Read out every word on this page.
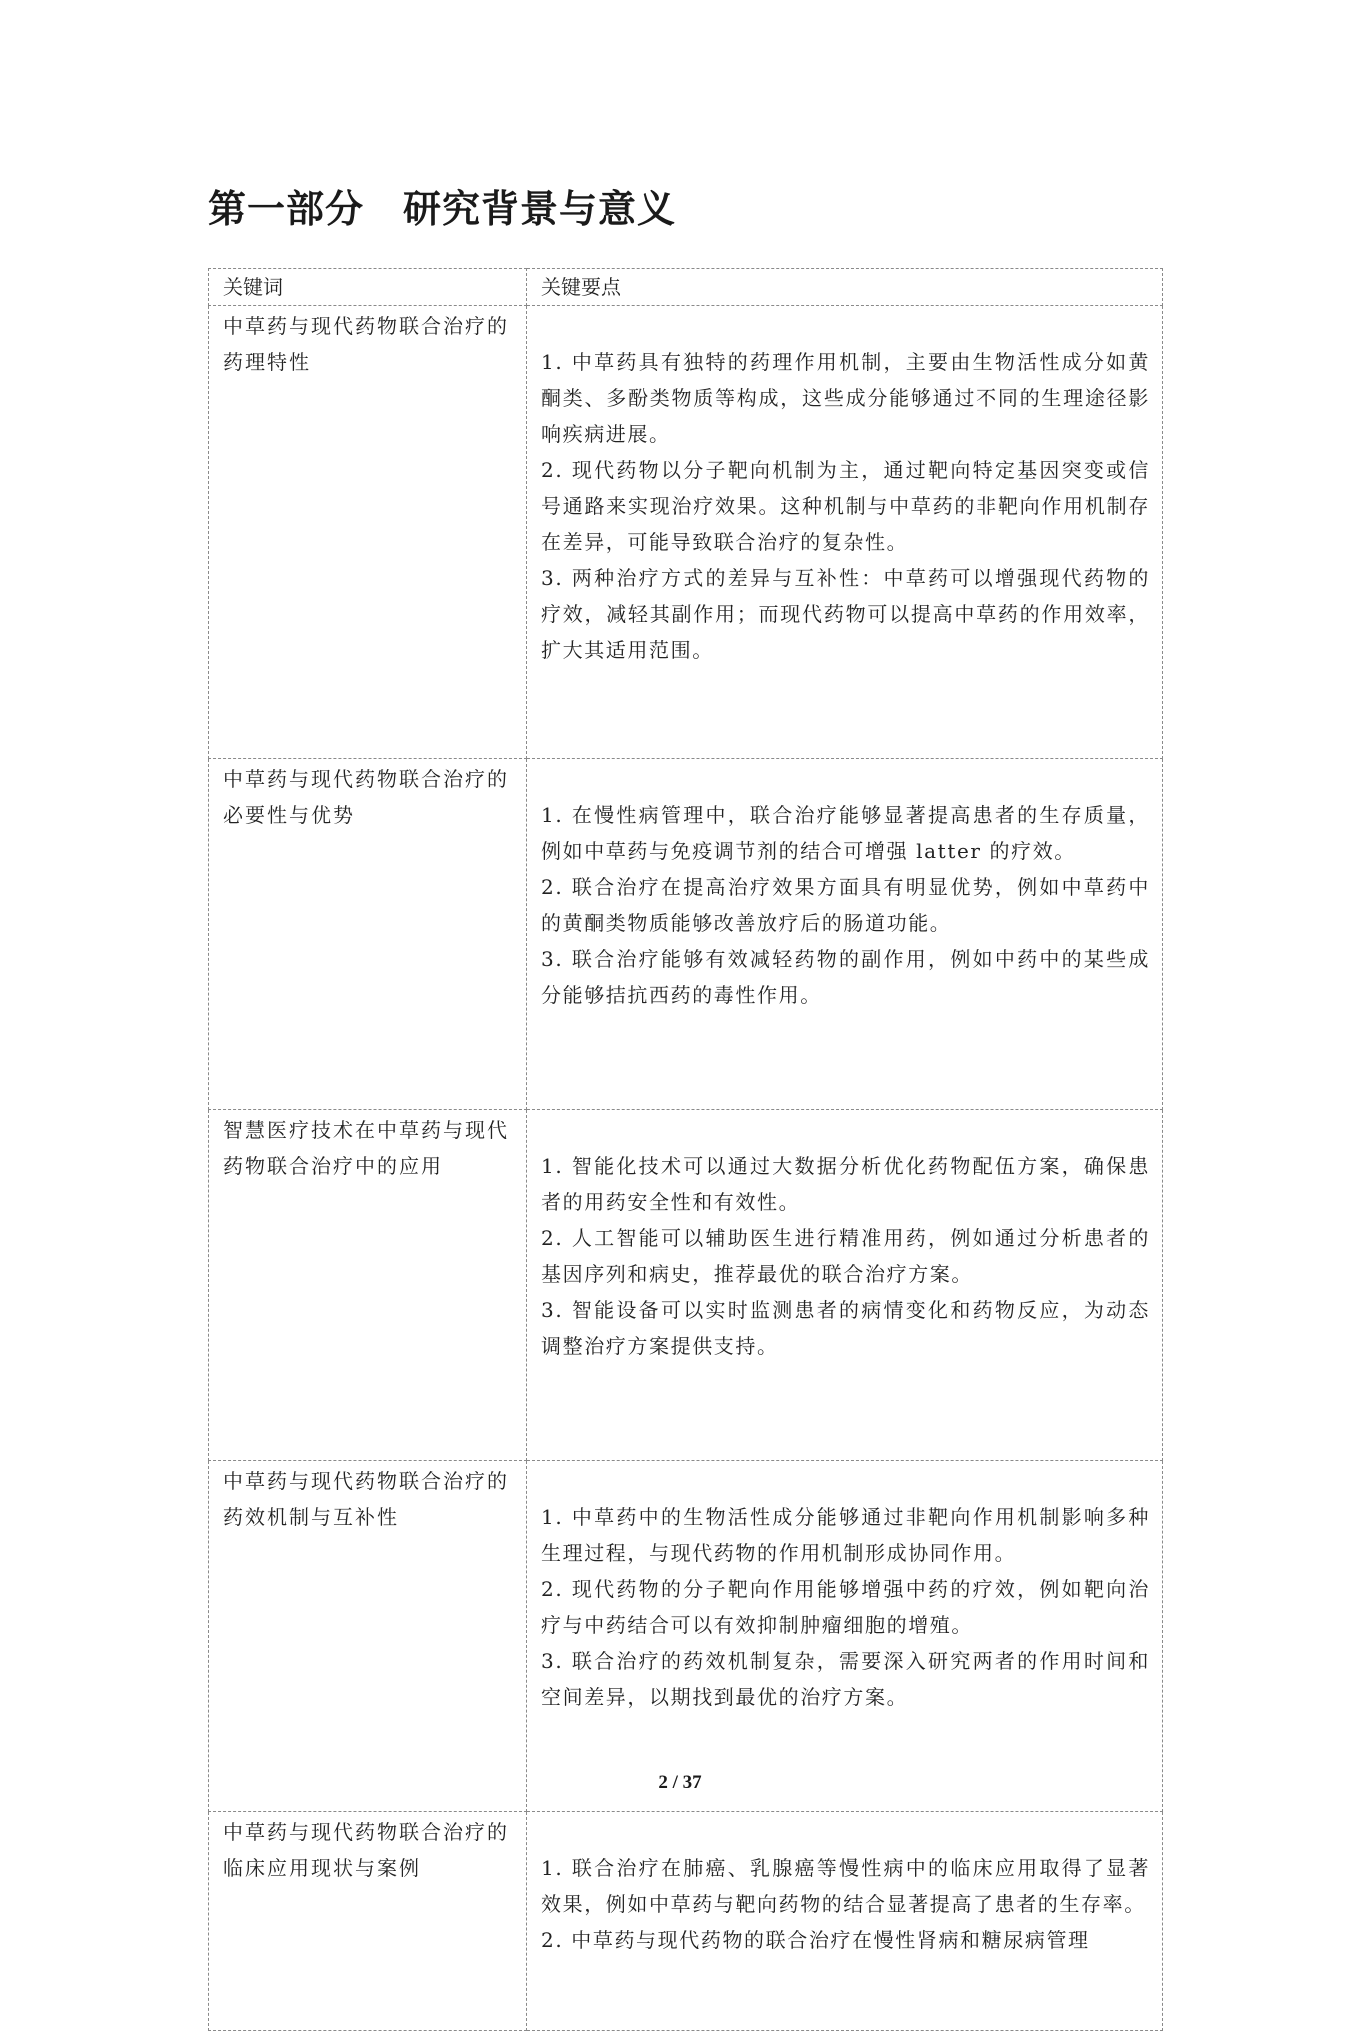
第一部分　研究背景与意义
关键词	关键要点
中草药与现代药物联合治疗的药理特性	1. 中草药具有独特的药理作用机制，主要由生物活性成分如黄酮类、多酚类物质等构成，这些成分能够通过不同的生理途径影响疾病进展。

2. 现代药物以分子靶向机制为主，通过靶向特定基因突变或信号通路来实现治疗效果。这种机制与中草药的非靶向作用机制存在差异，可能导致联合治疗的复杂性。

3. 两种治疗方式的差异与互补性：中草药可以增强现代药物的疗效，减轻其副作用；而现代药物可以提高中草药的作用效率，扩大其适用范围。

中草药与现代药物联合治疗的必要性与优势	1. 在慢性病管理中，联合治疗能够显著提高患者的生存质量，例如中草药与免疫调节剂的结合可增强 latter 的疗效。

2. 联合治疗在提高治疗效果方面具有明显优势，例如中草药中的黄酮类物质能够改善放疗后的肠道功能。

3. 联合治疗能够有效减轻药物的副作用，例如中药中的某些成分能够拮抗西药的毒性作用。

智慧医疗技术在中草药与现代药物联合治疗中的应用	1. 智能化技术可以通过大数据分析优化药物配伍方案，确保患者的用药安全性和有效性。

2. 人工智能可以辅助医生进行精准用药，例如通过分析患者的基因序列和病史，推荐最优的联合治疗方案。

3. 智能设备可以实时监测患者的病情变化和药物反应，为动态调整治疗方案提供支持。

中草药与现代药物联合治疗的药效机制与互补性	1. 中草药中的生物活性成分能够通过非靶向作用机制影响多种生理过程，与现代药物的作用机制形成协同作用。

2. 现代药物的分子靶向作用能够增强中药的疗效，例如靶向治疗与中药结合可以有效抑制肿瘤细胞的增殖。

3. 联合治疗的药效机制复杂，需要深入研究两者的作用时间和空间差异，以期找到最优的治疗方案。

中草药与现代药物联合治疗的临床应用现状与案例	1. 联合治疗在肺癌、乳腺癌等慢性病中的临床应用取得了显著效果，例如中草药与靶向药物的结合显著提高了患者的生存率。

2. 中草药与现代药物的联合治疗在慢性肾病和糖尿病管理

2 / 37
